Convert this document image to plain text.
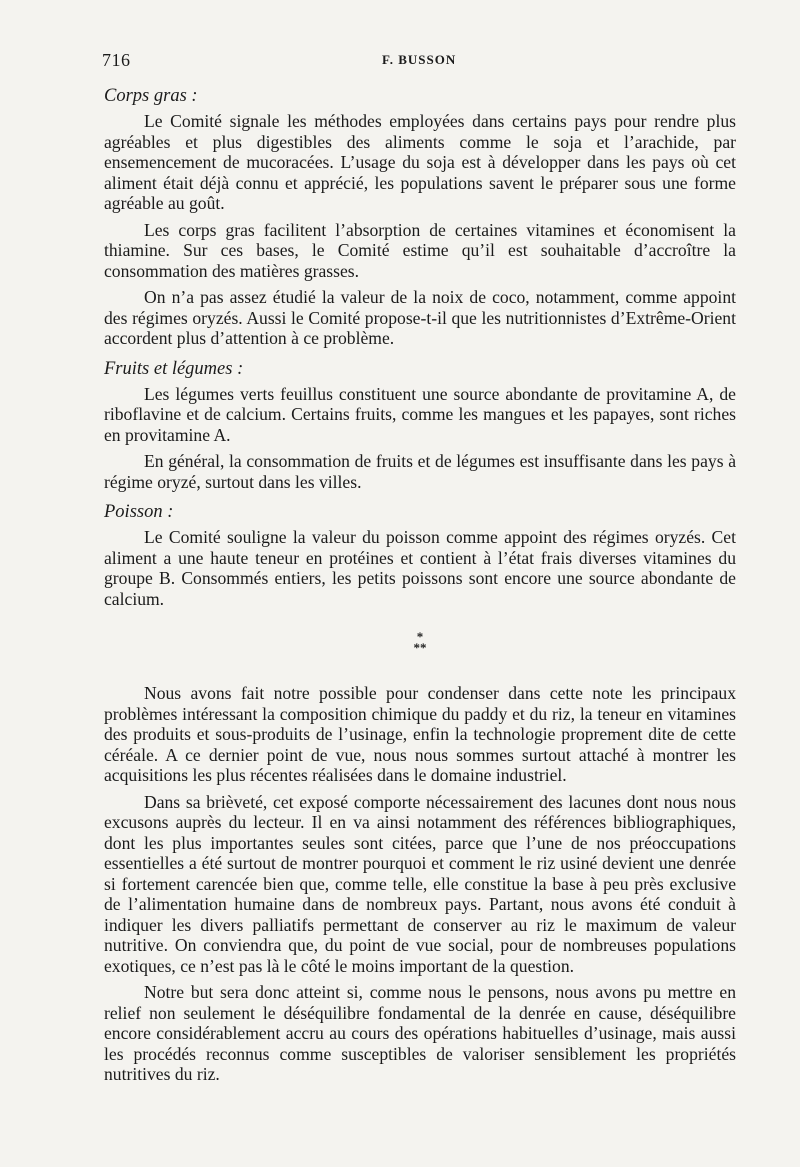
716	F. BUSSON

Corps gras :

Le Comité signale les méthodes employées dans certains pays pour rendre plus agréables et plus digestibles des aliments comme le soja et l’arachide, par ensemencement de mucoracées. L’usage du soja est à développer dans les pays où cet aliment était déjà connu et apprécié, les populations savent le préparer sous une forme agréable au goût.

Les corps gras facilitent l’absorption de certaines vitamines et économisent la thiamine. Sur ces bases, le Comité estime qu’il est souhaitable d’accroître la consommation des matières grasses.

On n’a pas assez étudié la valeur de la noix de coco, notamment, comme appoint des régimes oryzés. Aussi le Comité propose-t-il que les nutritionnistes d’Extrême-Orient accordent plus d’attention à ce problème.

Fruits et légumes :

Les légumes verts feuillus constituent une source abondante de provitamine A, de riboflavine et de calcium. Certains fruits, comme les mangues et les papayes, sont riches en provitamine A.

En général, la consommation de fruits et de légumes est insuffisante dans les pays à régime oryzé, surtout dans les villes.

Poisson :

Le Comité souligne la valeur du poisson comme appoint des régimes oryzés. Cet aliment a une haute teneur en protéines et contient à l’état frais diverses vitamines du groupe B. Consommés entiers, les petits poissons sont encore une source abondante de calcium.

*
**

Nous avons fait notre possible pour condenser dans cette note les principaux problèmes intéressant la composition chimique du paddy et du riz, la teneur en vitamines des produits et sous-produits de l’usinage, enfin la technologie proprement dite de cette céréale. A ce dernier point de vue, nous nous sommes surtout attaché à montrer les acquisitions les plus récentes réalisées dans le domaine industriel.

Dans sa brièveté, cet exposé comporte nécessairement des lacunes dont nous nous excusons auprès du lecteur. Il en va ainsi notamment des références bibliographiques, dont les plus importantes seules sont citées, parce que l’une de nos préoccupations essentielles a été surtout de montrer pourquoi et comment le riz usiné devient une denrée si fortement carencée bien que, comme telle, elle constitue la base à peu près exclusive de l’alimentation humaine dans de nombreux pays. Partant, nous avons été conduit à indiquer les divers palliatifs permettant de conserver au riz le maximum de valeur nutritive. On conviendra que, du point de vue social, pour de nombreuses populations exotiques, ce n’est pas là le côté le moins important de la question.

Notre but sera donc atteint si, comme nous le pensons, nous avons pu mettre en relief non seulement le déséquilibre fondamental de la denrée en cause, déséquilibre encore considérablement accru au cours des opérations habituelles d’usinage, mais aussi les procédés reconnus comme susceptibles de valoriser sensiblement les propriétés nutritives du riz.
